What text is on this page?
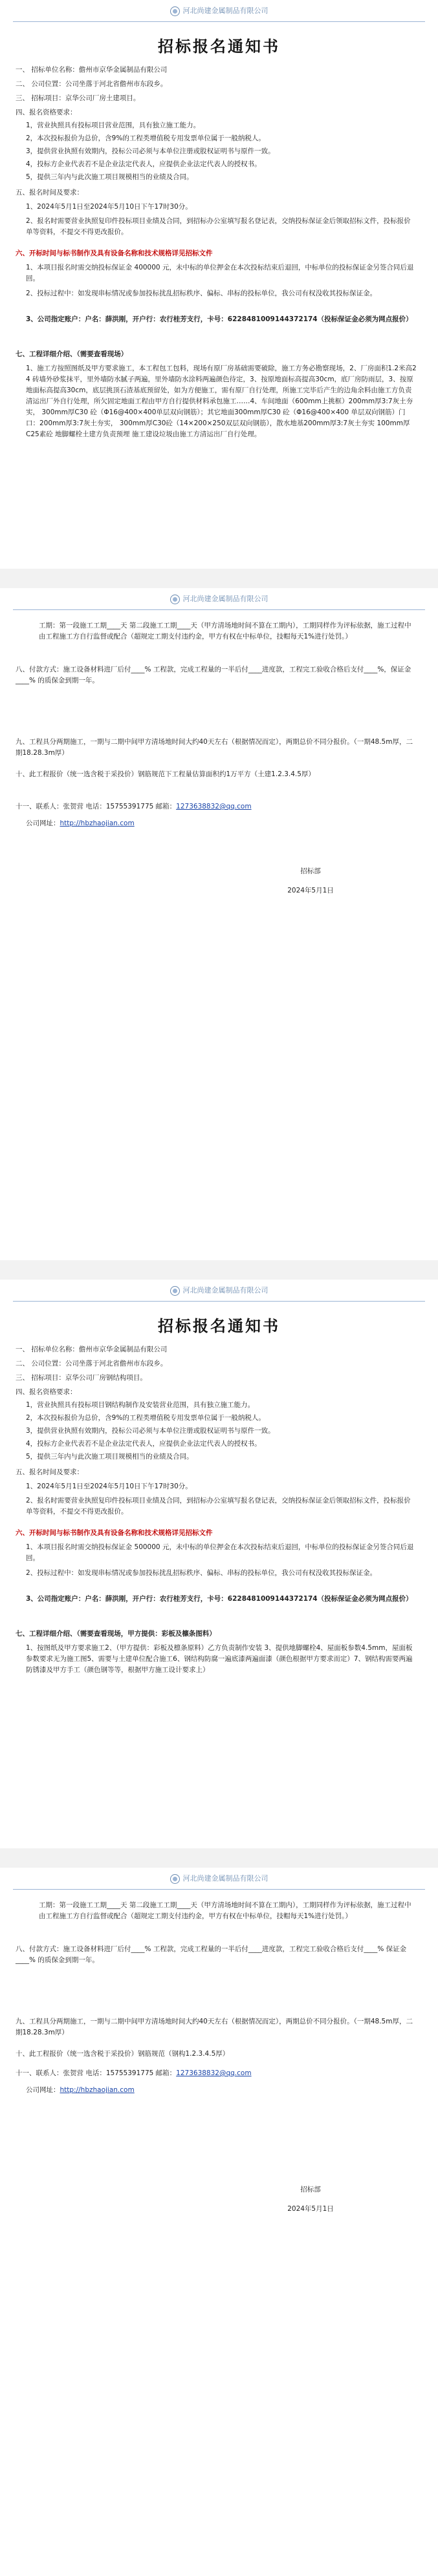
河北尚建金属制品有限公司
招标报名通知书
一、 招标单位名称：儋州市京华金属制品有限公司
二、 公司位置：公司坐落于河北省儋州市东段乡。
三、 招标项目：京华公司厂房土建项目。
四、报名资格要求：
1，营业执照具有投标项目营业范围，具有独立施工能力。
2，本次投标报价为总价，含9%的工程类增值税专用发票单位属于一般纳税人。
3，提供营业执照有效期内，投标公司必须与本单位注册或股权证明书与原件一致。
4，投标方企业代表若不是企业法定代表人，应提供企业法定代表人的授权书。
5，提供三年内与此次施工项目规模相当的业绩及合同。
五、报名时间及要求：
1、2024年5月1日至2024年5月10日下午17时30分。
2、报名时需要营业执照复印件投标项目业绩及合同，到招标办公室填写报名登记表，交纳投标保证金后领取招标文件，投标报价单等资料，不提交不得更改报价。
六、开标时间与标书制作及具有设备名称和技术规格详见招标文件
1、本项目报名时需交纳投标保证金 400000 元，未中标的单位押金在本次投标结束后退回，中标单位的投标保证金另签合同后退回。
2、投标过程中：如发现串标情况或参加投标扰乱招标秩序、偏标、串标的投标单位，我公司有权没收其投标保证金。
3、公司指定账户：户名：薛洪刚，开户行：农行桂芳支行，卡号：6228481009144372174（投标保证金必须为网点报价）
七、工程详细介绍、（需要查看现场）
1、施工方按照图纸及甲方要求施工，本工程包工包料，现场有原厂房基础需要破除，施工方务必勘察现场，2、厂房面积1.2米高2 4 砖墙外砂浆抹平，里外墙防水腻子两遍，里外墙防水涂料两遍颜色待定，3、按原地面标高提高30cm，底厂房防雨层，3、按原地面标高提高30cm，底层挑顶石渣基底预留处，如为方便施工，需有原厂自行处理，所施工完毕后产生的边角余料由施工方负责清运出厂外自行处理，所欠固定地面工程由甲方自行提供材料承包施工……4、车间地面（600mm上挑框）200mm厚3:7灰土夯实， 300mm厚C30 砼（Φ16@400×400单层双向钢筋）；其它地面300mm厚C30 砼（Φ16@400×400 单层双向钢筋）门口：200mm厚3:7灰土夯实， 300mm厚C30砼（14×200×250双层双向钢筋），散水地基200mm厚3:7灰土夯实 100mm厚C25素砼 地脚螺栓土建方负责预埋 施工建设垃圾由施工方清运出厂自行处理。
河北尚建金属制品有限公司
工期：第一段施工工期____天 第二段施工工期____天（甲方清场地时间不算在工期内），工期同样作为评标依据，施工过程中由工程施工方自行监督或配合（超规定工期支付违约金，甲方有权在中标单位，技帽每天1%进行处罚。）
八、付款方式：施工设备材料进厂后付____% 工程款，完成工程量的一半后付____进度款，工程完工验收合格后支付____%，保证金____% 的质保金到期一年。
九、工程具分两期施工，一期与二期中间甲方清场地时间大约40天左右（根据情况而定），两期总价不同分报价。（一期48.5m厚，二期18.28.3m厚）
十、此工程报价（统一选含税于采投价）钢筋规范下工程量估算面积约1万平方（土建1.2.3.4.5厚）
十一、联系人：张贺营 电话：15755391775 邮箱：1273638832@qq.com
公司网址：http://hbzhaojian.com
招标部
2024年5月1日
河北尚建金属制品有限公司
招标报名通知书
一、 招标单位名称：儋州市京华金属制品有限公司
二、 公司位置：公司坐落于河北省儋州市东段乡。
三、 招标项目：京华公司厂房钢结构项目。
四、报名资格要求：
1，营业执照具有投标项目钢结构制作及安装营业范围，具有独立施工能力。
2，本次投标报价为总价，含9%的工程类增值税专用发票单位属于一般纳税人。
3，提供营业执照有效期内，投标公司必须与本单位注册或股权证明书与原件一致。
4，投标方企业代表若不是企业法定代表人，应提供企业法定代表人的授权书。
5，提供三年内与此次施工项目规模相当的业绩及合同。
五、报名时间及要求：
1、2024年5月1日至2024年5月10日下午17时30分。
2、报名时需要营业执照复印件投标项目业绩及合同，到招标办公室填写报名登记表，交纳投标保证金后领取招标文件，投标报价单等资料，不提交不得更改报价。
六、开标时间与标书制作及具有设备名称和技术规格详见招标文件
1、本项目报名时需交纳投标保证金 500000 元，未中标的单位押金在本次投标结束后退回，中标单位的投标保证金另签合同后退回。
2、投标过程中：如发现串标情况或参加投标扰乱招标秩序、偏标、串标的投标单位，我公司有权没收其投标保证金。
3、公司指定账户：户名：薛洪刚，开户行：农行桂芳支行，卡号：6228481009144372174（投标保证金必须为网点报价）
七、工程详细介绍、（需要查看现场，甲方提供：彩板及檩条图料）
1、按图纸及甲方要求施工2、（甲方提供：彩板及檩条原料）乙方负责制作安装 3、提供地脚螺栓4、屋面板参数4.5mm，屋面板参数要求无为施工图5、需要与土建单位配合施工6、钢结构防腐一遍底漆两遍面漆（颜色根据甲方要求而定）7、钢结构需要两遍防锈漆及甲方手工（颜色钢等等，根据甲方施工设计要求上）
河北尚建金属制品有限公司
工期：第一段施工工期____天 第二段施工工期____天（甲方清场地时间不算在工期内），工期同样作为评标依据，施工过程中由工程施工方自行监督或配合（超规定工期支付违约金，甲方有权在中标单位，技帽每天1%进行处罚。）
八、付款方式：施工设备材料进厂后付____% 工程款，完成工程量的一半后付____进度款，工程完工验收合格后支付____% 保证金____% 的质保金到期一年。
九、工程具分两期施工，一期与二期中间甲方清场地时间大约40天左右（根据情况而定），两期总价不同分报价。（一期48.5m厚，二期18.28.3m厚）
十、此工程报价（统一选含税于采投价）钢筋规范（钢构1.2.3.4.5厚）
十一、联系人：张贺营 电话：15755391775 邮箱：1273638832@qq.com
公司网址：http://hbzhaojian.com
招标部
2024年5月1日
